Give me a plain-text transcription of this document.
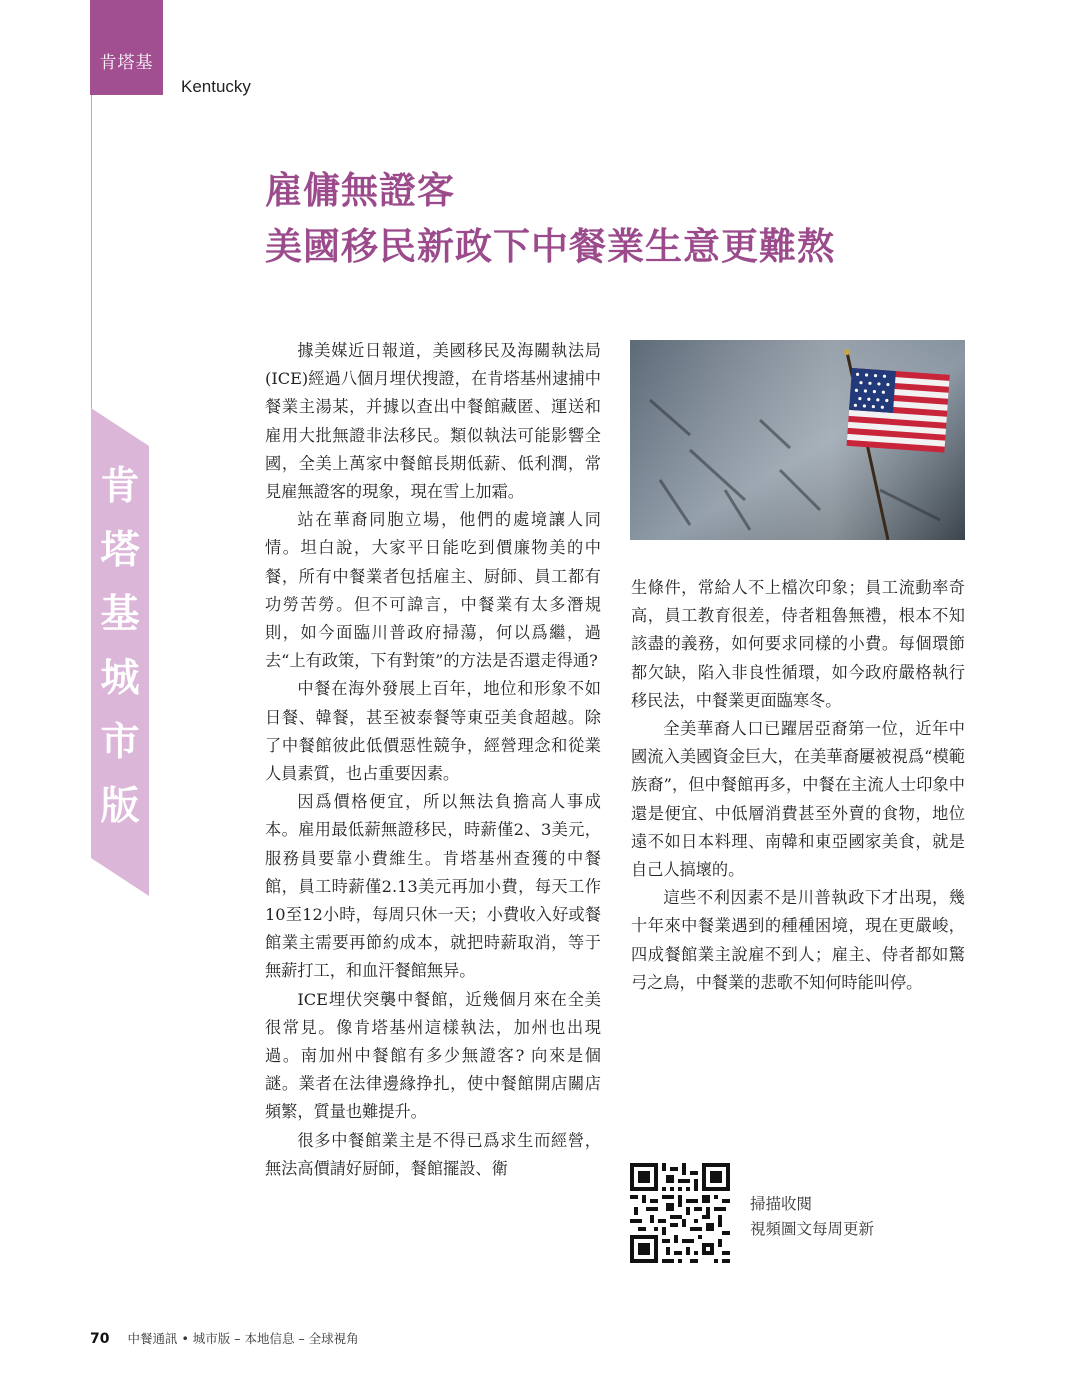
肯塔基
Kentucky
肯
塔
基
城
市
版
雇傭無證客
美國移民新政下中餐業生意更難熬

據美媒近日報道，美國移民及海關執法局(ICE)經過八個月埋伏搜證，在肯塔基州逮捕中餐業主湯某，并據以查出中餐館藏匿、運送和雇用大批無證非法移民。類似執法可能影響全國，全美上萬家中餐館長期低薪、低利潤，常見雇無證客的現象，現在雪上加霜。

站在華裔同胞立場，他們的處境讓人同情。坦白說，大家平日能吃到價廉物美的中餐，所有中餐業者包括雇主、厨師、員工都有功勞苦勞。但不可諱言，中餐業有太多潛規則，如今面臨川普政府掃蕩，何以爲繼，過去“上有政策，下有對策”的方法是否還走得通?

中餐在海外發展上百年，地位和形象不如日餐、韓餐，甚至被泰餐等東亞美食超越。除了中餐館彼此低價惡性競争，經營理念和從業人員素質，也占重要因素。

因爲價格便宜，所以無法負擔高人事成本。雇用最低薪無證移民，時薪僅2、3美元，服務員要靠小費維生。肯塔基州查獲的中餐館，員工時薪僅2.13美元再加小費，每天工作10至12小時，每周只休一天；小費收入好或餐館業主需要再節約成本，就把時薪取消，等于無薪打工，和血汗餐館無异。

ICE埋伏突襲中餐館，近幾個月來在全美很常見。像肯塔基州這樣執法，加州也出現過。南加州中餐館有多少無證客? 向來是個謎。業者在法律邊緣挣扎，使中餐館開店關店頻繁，質量也難提升。

很多中餐館業主是不得已爲求生而經營，無法高價請好厨師，餐館擺設、衛

生條件，常給人不上檔次印象；員工流動率奇高，員工教育很差，侍者粗魯無禮，根本不知該盡的義務，如何要求同樣的小費。每個環節都欠缺，陷入非良性循環，如今政府嚴格執行移民法，中餐業更面臨寒冬。

全美華裔人口已躍居亞裔第一位，近年中國流入美國資金巨大，在美華裔屢被視爲“模範族裔”，但中餐館再多，中餐在主流人士印象中還是便宜、中低層消費甚至外賣的食物，地位遠不如日本料理、南韓和東亞國家美食，就是自己人搞壞的。

這些不利因素不是川普執政下才出現，幾十年來中餐業遇到的種種困境，現在更嚴峻，四成餐館業主說雇不到人；雇主、侍者都如驚弓之鳥，中餐業的悲歌不知何時能叫停。

掃描收閱
視頻圖文每周更新
70 中餐通訊 • 城市版 – 本地信息 – 全球視角
